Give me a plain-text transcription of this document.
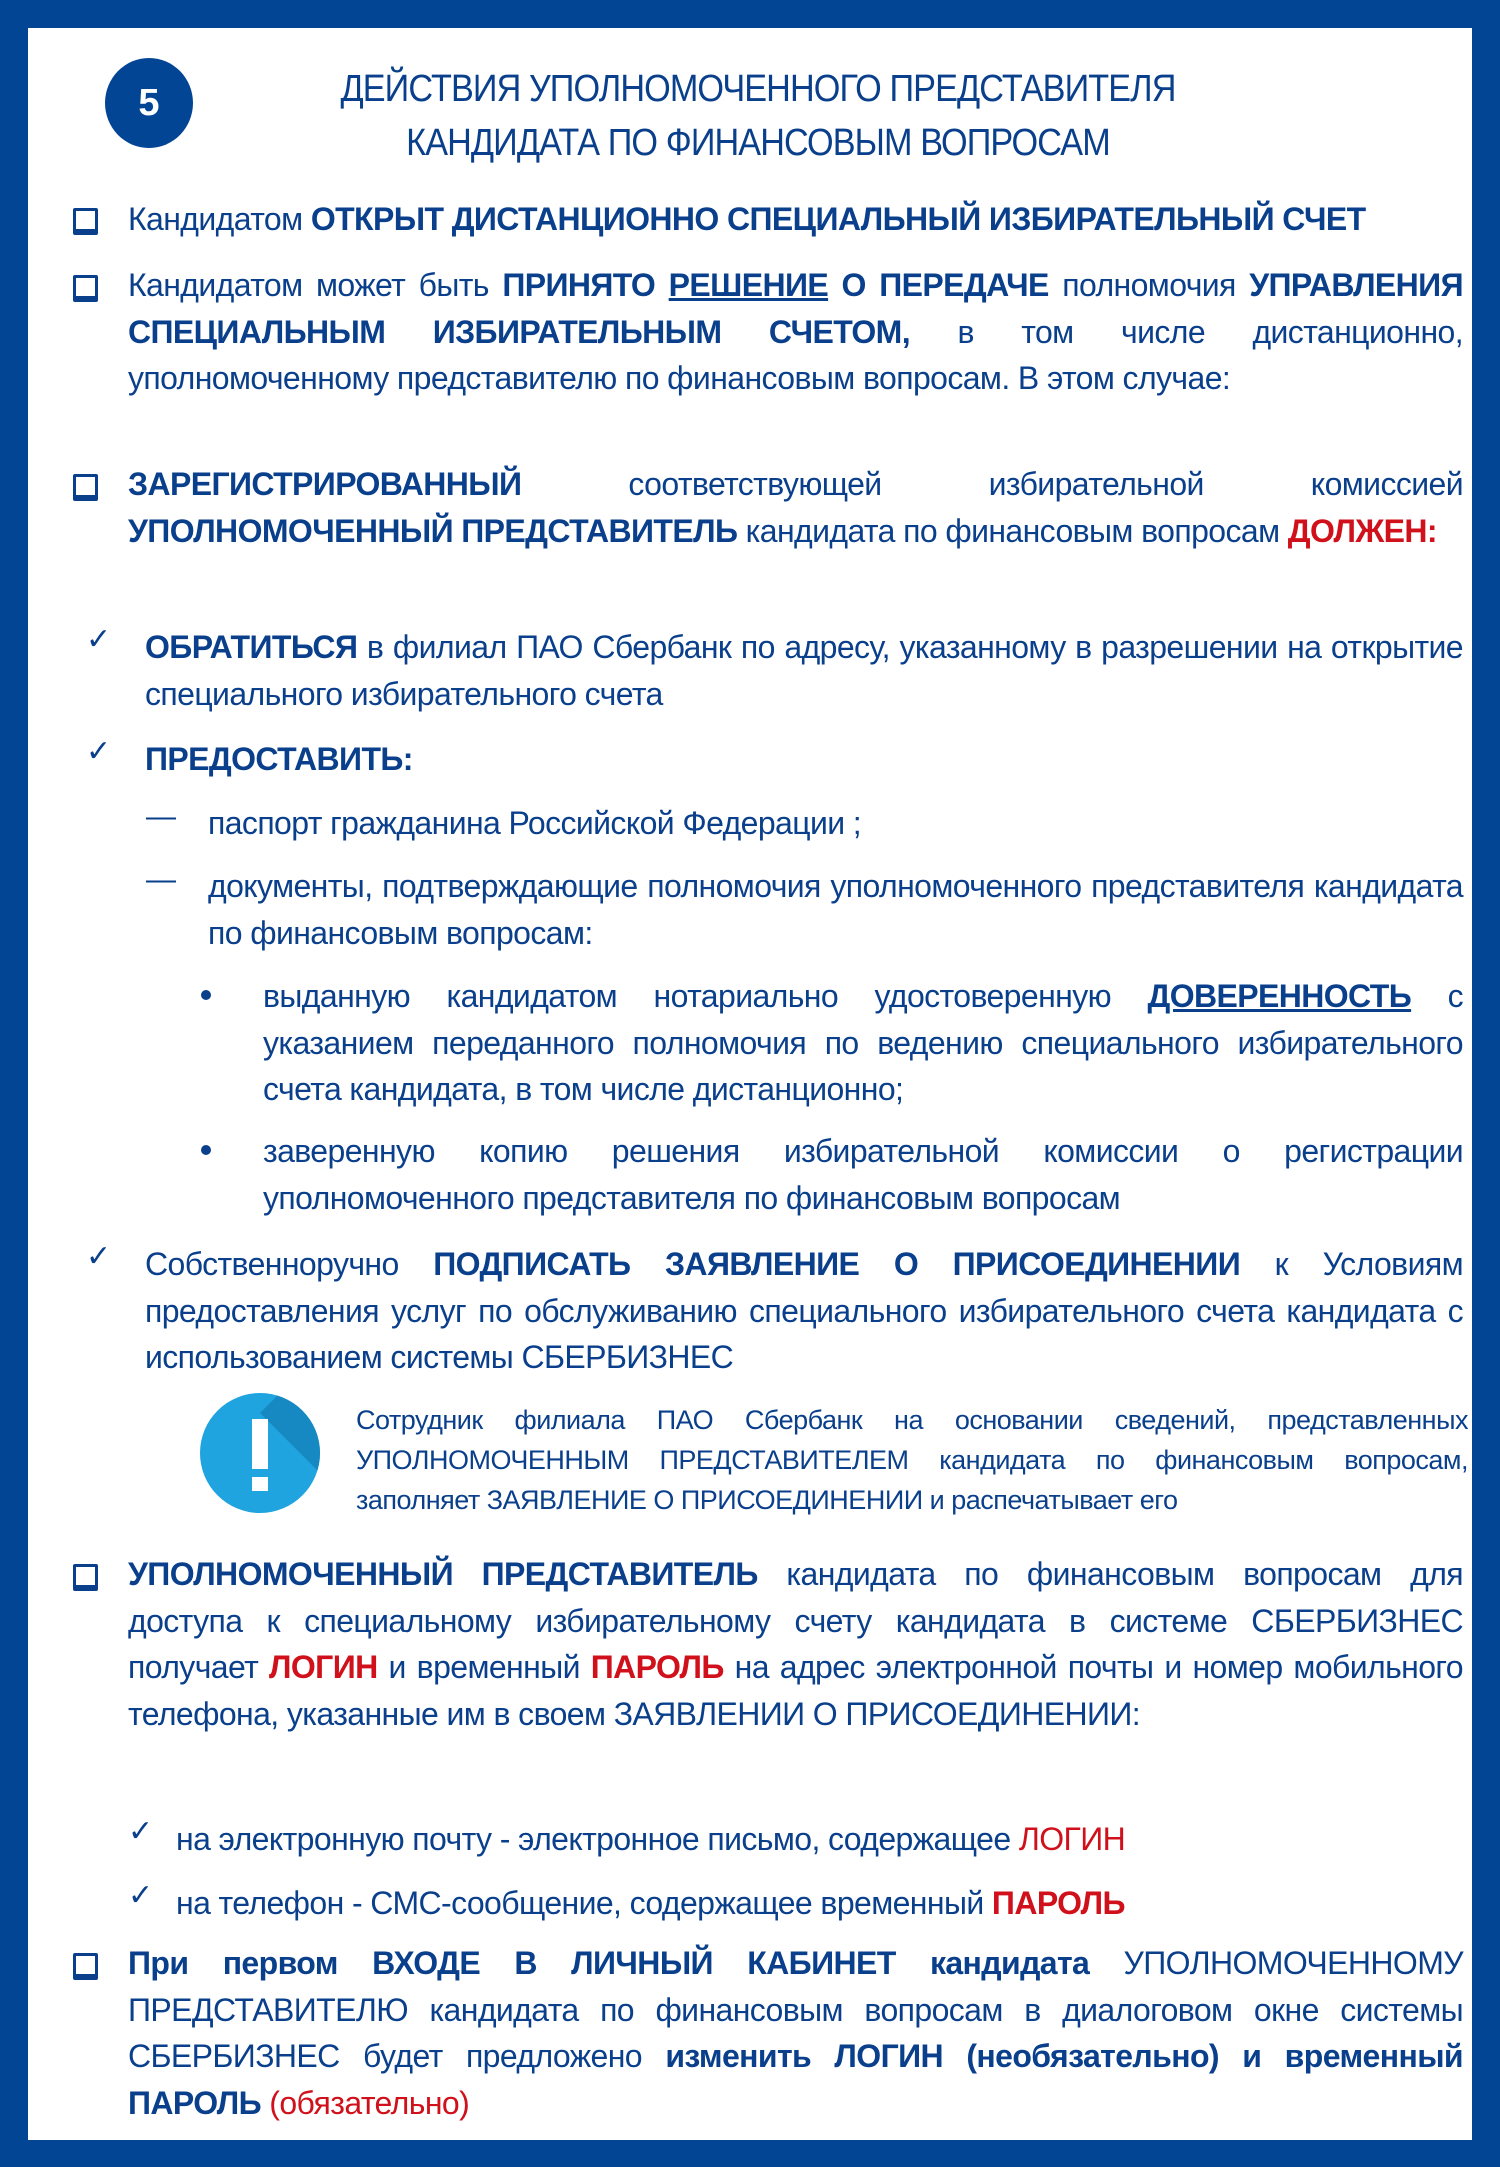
5	ДЕЙСТВИЯ УПОЛНОМОЧЕННОГО ПРЕДСТАВИТЕЛЯ
КАНДИДАТА ПО ФИНАНСОВЫМ ВОПРОСАМ
Кандидатом ОТКРЫТ ДИСТАНЦИОННО СПЕЦИАЛЬНЫЙ ИЗБИРАТЕЛЬНЫЙ СЧЕТ
Кандидатом может быть ПРИНЯТО РЕШЕНИЕ О ПЕРЕДАЧЕ полномочия УПРАВЛЕНИЯ СПЕЦИАЛЬНЫМ ИЗБИРАТЕЛЬНЫМ СЧЕТОМ, в том числе дистанционно, уполномоченному представителю по финансовым вопросам. В этом случае:
ЗАРЕГИСТРИРОВАННЫЙ соответствующей избирательной комиссией УПОЛНОМОЧЕННЫЙ ПРЕДСТАВИТЕЛЬ кандидата по финансовым вопросам ДОЛЖЕН:
✓ ОБРАТИТЬСЯ в филиал ПАО Сбербанк по адресу, указанному в разрешении на открытие специального избирательного счета
✓ ПРЕДОСТАВИТЬ:
— паспорт гражданина Российской Федерации ;
— документы, подтверждающие полномочия уполномоченного представителя кандидата по финансовым вопросам:
выданную кандидатом нотариально удостоверенную ДОВЕРЕННОСТЬ с указанием переданного полномочия по ведению специального избирательного счета кандидата, в том числе дистанционно;
заверенную копию решения избирательной комиссии о регистрации уполномоченного представителя по финансовым вопросам
✓ Собственноручно ПОДПИСАТЬ ЗАЯВЛЕНИЕ О ПРИСОЕДИНЕНИИ к Условиям предоставления услуг по обслуживанию специального избирательного счета кандидата с использованием системы СБЕРБИЗНЕС
Сотрудник филиала ПАО Сбербанк на основании сведений, представленных УПОЛНОМОЧЕННЫМ ПРЕДСТАВИТЕЛЕМ кандидата по финансовым вопросам, заполняет ЗАЯВЛЕНИЕ О ПРИСОЕДИНЕНИИ и распечатывает его
УПОЛНОМОЧЕННЫЙ ПРЕДСТАВИТЕЛЬ кандидата по финансовым вопросам для доступа к специальному избирательному счету кандидата в системе СБЕРБИЗНЕС получает ЛОГИН и временный ПАРОЛЬ на адрес электронной почты и номер мобильного телефона, указанные им в своем ЗАЯВЛЕНИИ О ПРИСОЕДИНЕНИИ:
✓ на электронную почту - электронное письмо, содержащее ЛОГИН
✓ на телефон - СМС-сообщение, содержащее временный ПАРОЛЬ
При первом ВХОДЕ В ЛИЧНЫЙ КАБИНЕТ кандидата УПОЛНОМОЧЕННОМУ ПРЕДСТАВИТЕЛЮ кандидата по финансовым вопросам в диалоговом окне системы СБЕРБИЗНЕС будет предложено изменить ЛОГИН (необязательно) и временный ПАРОЛЬ (обязательно)
